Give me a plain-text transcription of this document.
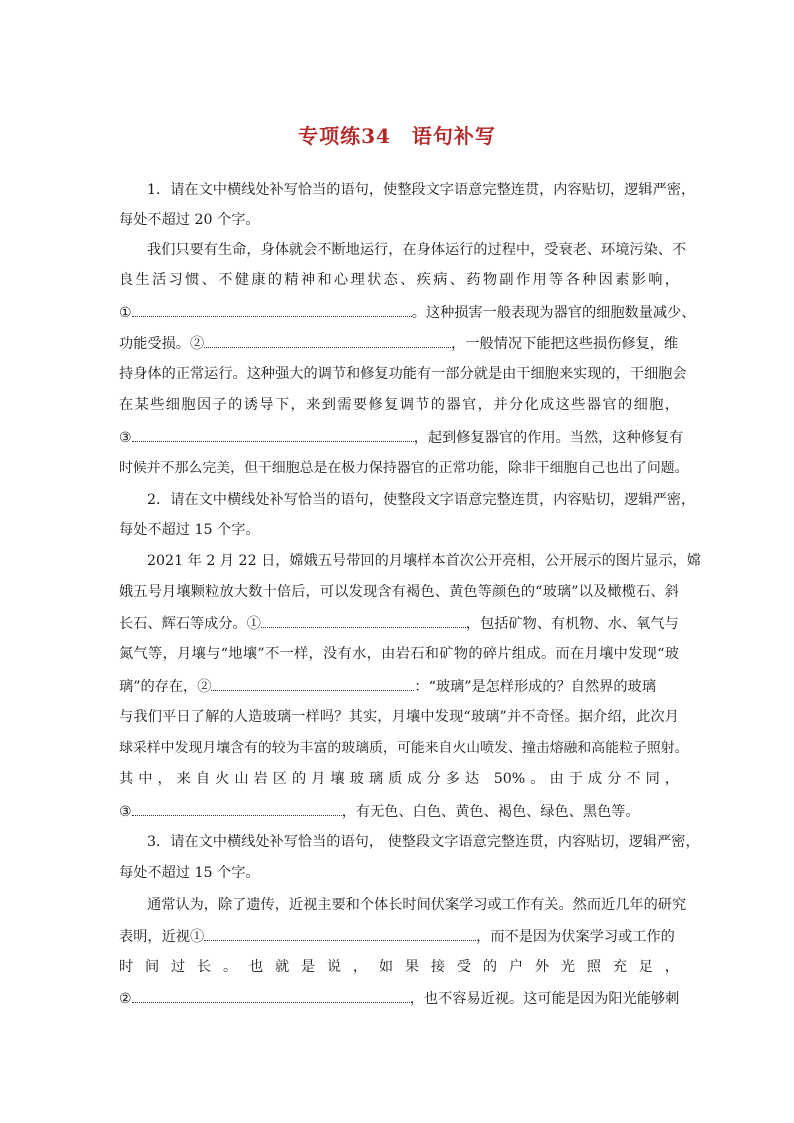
专项练34　语句补写
1．请在文中横线处补写恰当的语句，使整段文字语意完整连贯，内容贴切，逻辑严密，
每处不超过 20 个字。
我们只要有生命，身体就会不断地运行，在身体运行的过程中，受衰老、环境污染、不
良生活习惯、不健康的精神和心理状态、疾病、药物副作用等各种因素影响，
①	。这种损害一般表现为器官的细胞数量减少、
功能受损。②	，一般情况下能把这些损伤修复，维
持身体的正常运行。这种强大的调节和修复功能有一部分就是由干细胞来实现的，干细胞会
在某些细胞因子的诱导下，来到需要修复调节的器官，并分化成这些器官的细胞，
③	，起到修复器官的作用。当然，这种修复有
时候并不那么完美，但干细胞总是在极力保持器官的正常功能，除非干细胞自己也出了问题。
2．请在文中横线处补写恰当的语句，使整段文字语意完整连贯，内容贴切，逻辑严密，
每处不超过 15 个字。
2021 年 2 月 22 日，嫦娥五号带回的月壤样本首次公开亮相，公开展示的图片显示，嫦
娥五号月壤颗粒放大数十倍后，可以发现含有褐色、黄色等颜色的“玻璃”以及橄榄石、斜
长石、辉石等成分。①	，包括矿物、有机物、水、氧气与
氮气等，月壤与“地壤”不一样，没有水，由岩石和矿物的碎片组成。而在月壤中发现“玻
璃”的存在，②	：“玻璃”是怎样形成的？自然界的玻璃
与我们平日了解的人造玻璃一样吗？其实，月壤中发现“玻璃”并不奇怪。据介绍，此次月
球采样中发现月壤含有的较为丰富的玻璃质，可能来自火山喷发、撞击熔融和高能粒子照射。
其中，来自火山岩区的月壤玻璃质成分多达 50%。由于成分不同，
③	，有无色、白色、黄色、褐色、绿色、黑色等。
3．请在文中横线处补写恰当的语句， 使整段文字语意完整连贯，内容贴切，逻辑严密，
每处不超过 15 个字。
通常认为，除了遗传，近视主要和个体长时间伏案学习或工作有关。然而近几年的研究
表明，近视①	，而不是因为伏案学习或工作的
时间过长。也就是说，如果接受的户外光照充足，
②	，也不容易近视。这可能是因为阳光能够刺
